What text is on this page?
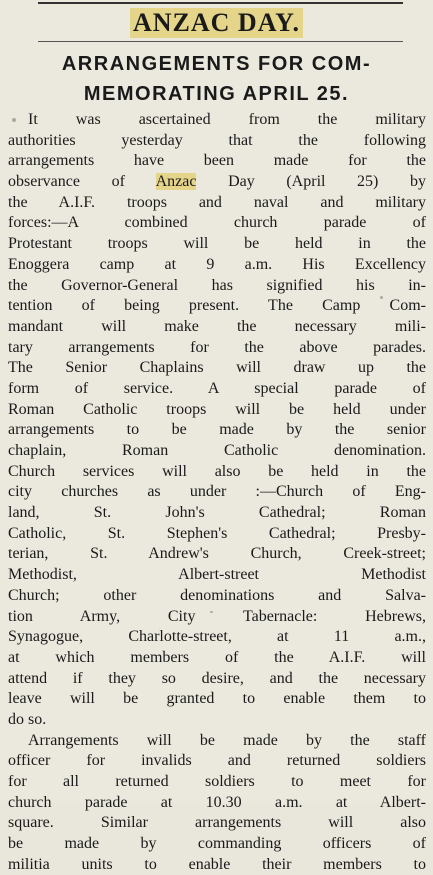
ANZAC DAY.
ARRANGEMENTS FOR COM-
MEMORATING APRIL 25.
It was ascertained from the military
authorities yesterday that the following
arrangements have been made for the
observance of Anzac Day (April 25) by
the A.I.F. troops and naval and military
forces:—A combined church parade of
Protestant troops will be held in the
Enoggera camp at 9 a.m. His Excellency
the Governor-General has signified his in-
tention of being present. The Camp Com-
mandant will make the necessary mili-
tary arrangements for the above parades.
The Senior Chaplains will draw up the
form of service. A special parade of
Roman Catholic troops will be held under
arrangements to be made by the senior
chaplain, Roman Catholic denomination.
Church services will also be held in the
city churches as under :—Church of Eng-
land, St. John's Cathedral; Roman
Catholic, St. Stephen's Cathedral; Presby-
terian, St. Andrew's Church, Creek-street;
Methodist, Albert-street Methodist
Church; other denominations and Salva-
tion Army, City Tabernacle: Hebrews,
Synagogue, Charlotte-street, at 11 a.m.,
at which members of the A.I.F. will
attend if they so desire, and the necessary
leave will be granted to enable them to
do so.
Arrangements will be made by the staff
officer for invalids and returned soldiers
for all returned soldiers to meet for
church parade at 10.30 a.m. at Albert-
square. Similar arrangements will also
be made by commanding officers of
militia units to enable their members to
